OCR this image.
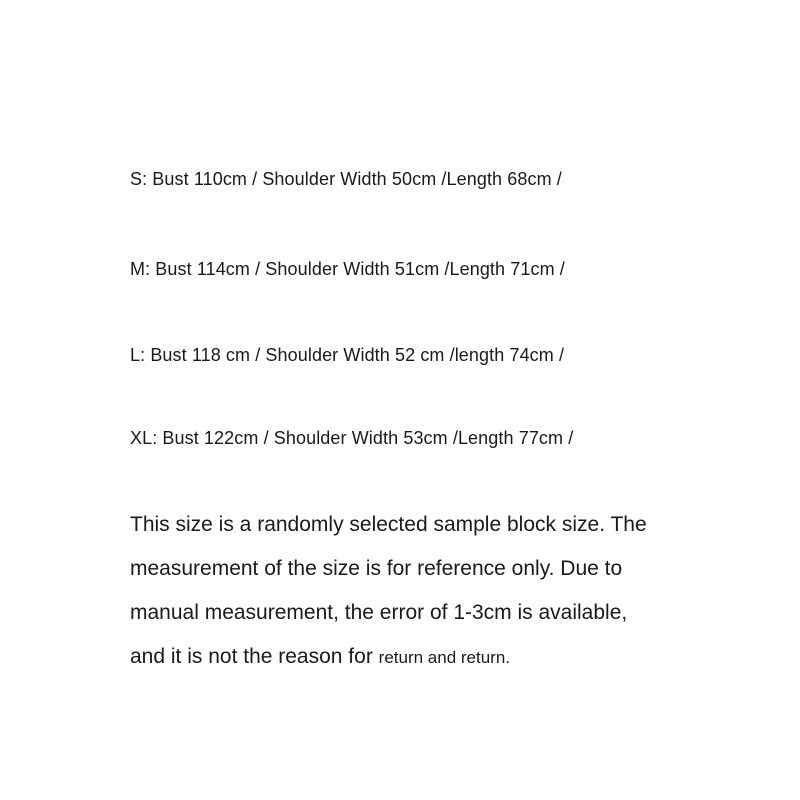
S: Bust 110cm / Shoulder Width 50cm /Length 68cm /
M: Bust 114cm / Shoulder Width 51cm /Length 71cm /
L: Bust 118 cm / Shoulder Width 52 cm /length 74cm /
XL: Bust 122cm / Shoulder Width 53cm /Length 77cm /
This size is a randomly selected sample block size. The
measurement of the size is for reference only. Due to
manual measurement, the error of 1-3cm is available,
and it is not the reason for return and return.
